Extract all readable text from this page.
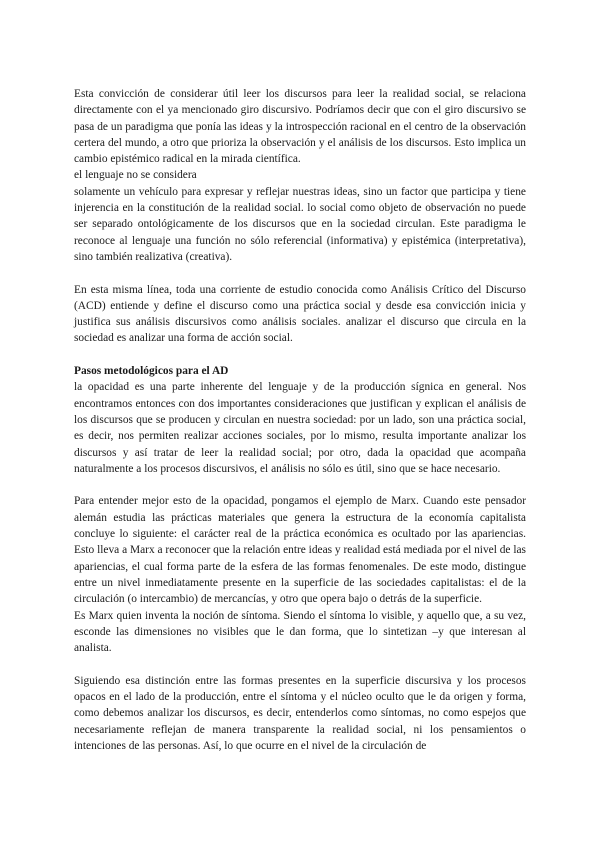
Esta convicción de considerar útil leer los discursos para leer la realidad social, se relaciona directamente con el ya mencionado giro discursivo. Podríamos decir que con el giro discursivo se pasa de un paradigma que ponía las ideas y la introspección racional en el centro de la observación certera del mundo, a otro que prioriza la observación y el análisis de los discursos. Esto implica un cambio epistémico radical en la mirada científica.

el lenguaje no se considera

solamente un vehículo para expresar y reflejar nuestras ideas, sino un factor que participa y tiene injerencia en la constitución de la realidad social. lo social como objeto de observación no puede ser separado ontológicamente de los discursos que en la sociedad circulan. Este paradigma le reconoce al lenguaje una función no sólo referencial (informativa) y epistémica (interpretativa), sino también realizativa (creativa).

En esta misma línea, toda una corriente de estudio conocida como Análisis Crítico del Discurso (ACD) entiende y define el discurso como una práctica social y desde esa convicción inicia y justifica sus análisis discursivos como análisis sociales. analizar el discurso que circula en la sociedad es analizar una forma de acción social.

Pasos metodológicos para el AD

la opacidad es una parte inherente del lenguaje y de la producción sígnica en general. Nos encontramos entonces con dos importantes consideraciones que justifican y explican el análisis de los discursos que se producen y circulan en nuestra sociedad: por un lado, son una práctica social, es decir, nos permiten realizar acciones sociales, por lo mismo, resulta importante analizar los discursos y así tratar de leer la realidad social; por otro, dada la opacidad que acompaña naturalmente a los procesos discursivos, el análisis no sólo es útil, sino que se hace necesario.

Para entender mejor esto de la opacidad, pongamos el ejemplo de Marx. Cuando este pensador alemán estudia las prácticas materiales que genera la estructura de la economía capitalista concluye lo siguiente: el carácter real de la práctica económica es ocultado por las apariencias. Esto lleva a Marx a reconocer que la relación entre ideas y realidad está mediada por el nivel de las apariencias, el cual forma parte de la esfera de las formas fenomenales. De este modo, distingue entre un nivel inmediatamente presente en la superficie de las sociedades capitalistas: el de la circulación (o intercambio) de mercancías, y otro que opera bajo o detrás de la superficie.

Es Marx quien inventa la noción de síntoma. Siendo el síntoma lo visible, y aquello que, a su vez, esconde las dimensiones no visibles que le dan forma, que lo sintetizan –y que interesan al analista.

Siguiendo esa distinción entre las formas presentes en la superficie discursiva y los procesos opacos en el lado de la producción, entre el síntoma y el núcleo oculto que le da origen y forma, como debemos analizar los discursos, es decir, entenderlos como síntomas, no como espejos que necesariamente reflejan de manera transparente la realidad social, ni los pensamientos o intenciones de las personas. Así, lo que ocurre en el nivel de la circulación de
